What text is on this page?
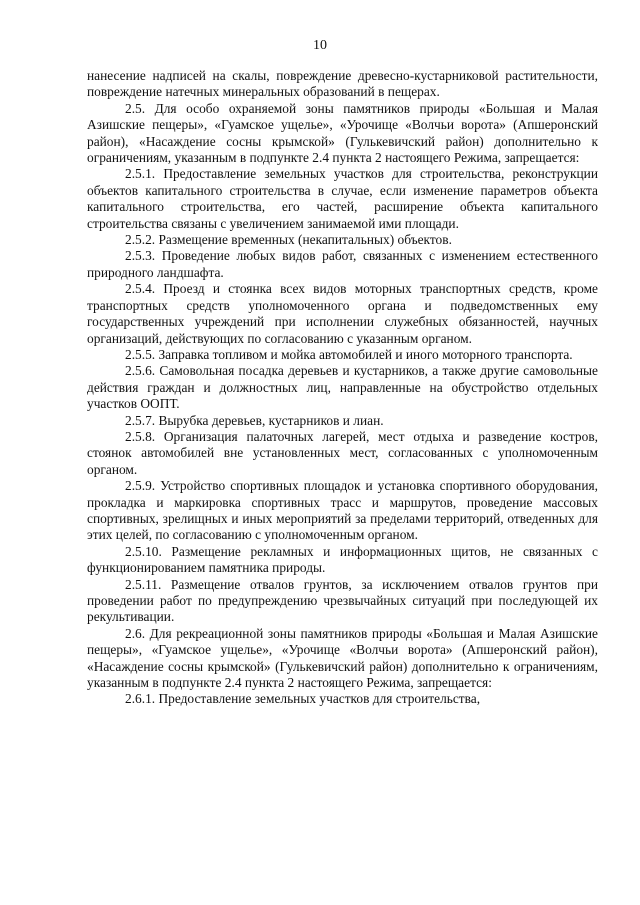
10

нанесение надписей на скалы, повреждение древесно-кустарниковой растительности, повреждение натечных минеральных образований в пещерах.

2.5. Для особо охраняемой зоны памятников природы «Большая и Малая Азишские пещеры», «Гуамское ущелье», «Урочище «Волчьи ворота» (Апшеронский район), «Насаждение сосны крымской» (Гулькевичский район) дополнительно к ограничениям, указанным в подпункте 2.4 пункта 2 настоящего Режима, запрещается:

2.5.1. Предоставление земельных участков для строительства, реконструкции объектов капитального строительства в случае, если изменение параметров объекта капитального строительства, его частей, расширение объекта капитального строительства связаны с увеличением занимаемой ими площади.

2.5.2. Размещение временных (некапитальных) объектов.

2.5.3. Проведение любых видов работ, связанных с изменением естественного природного ландшафта.

2.5.4. Проезд и стоянка всех видов моторных транспортных средств, кроме транспортных средств уполномоченного органа и подведомственных ему государственных учреждений при исполнении служебных обязанностей, научных организаций, действующих по согласованию с указанным органом.

2.5.5. Заправка топливом и мойка автомобилей и иного моторного транспорта.

2.5.6. Самовольная посадка деревьев и кустарников, а также другие самовольные действия граждан и должностных лиц, направленные на обустройство отдельных участков ООПТ.

2.5.7. Вырубка деревьев, кустарников и лиан.

2.5.8. Организация палаточных лагерей, мест отдыха и разведение костров, стоянок автомобилей вне установленных мест, согласованных с уполномоченным органом.

2.5.9. Устройство спортивных площадок и установка спортивного оборудования, прокладка и маркировка спортивных трасс и маршрутов, проведение массовых спортивных, зрелищных и иных мероприятий за пределами территорий, отведенных для этих целей, по согласованию с уполномоченным органом.

2.5.10. Размещение рекламных и информационных щитов, не связанных с функционированием памятника природы.

2.5.11. Размещение отвалов грунтов, за исключением отвалов грунтов при проведении работ по предупреждению чрезвычайных ситуаций при последующей их рекультивации.

2.6. Для рекреационной зоны памятников природы «Большая и Малая Азишские пещеры», «Гуамское ущелье», «Урочище «Волчьи ворота» (Апшеронский район), «Насаждение сосны крымской» (Гулькевичский район) дополнительно к ограничениям, указанным в подпункте 2.4 пункта 2 настоящего Режима, запрещается:

2.6.1. Предоставление земельных участков для строительства,
